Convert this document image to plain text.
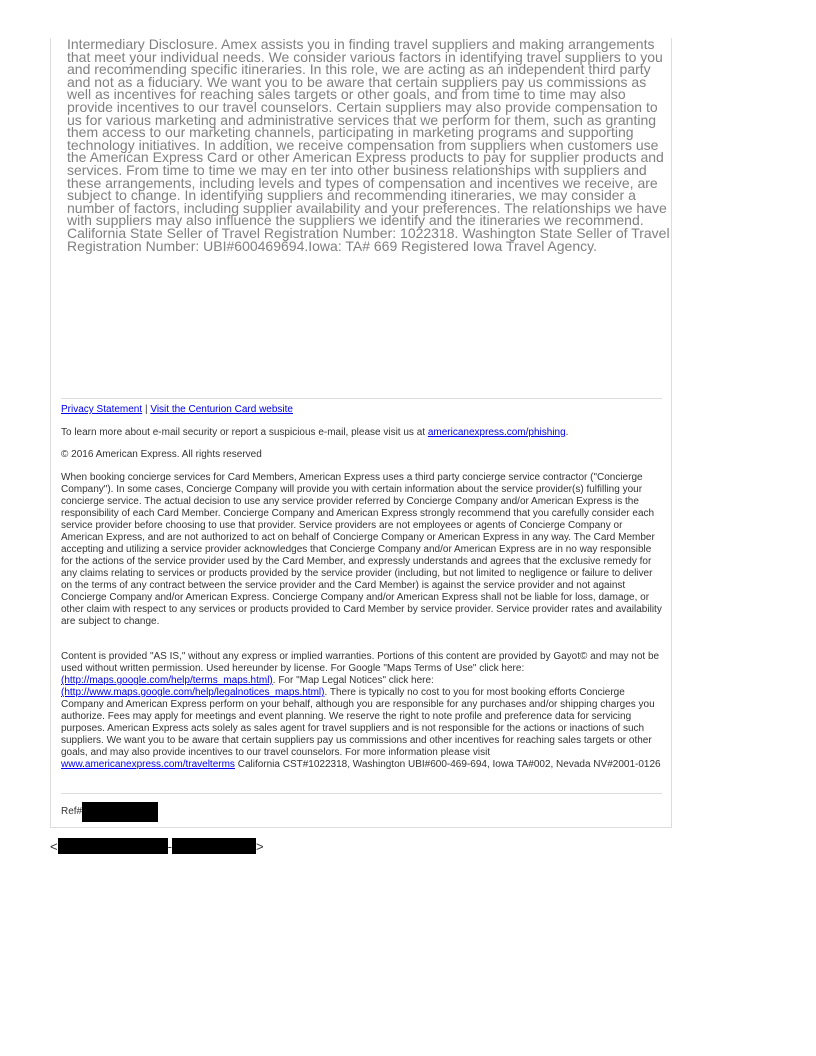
Intermediary Disclosure. Amex assists you in finding travel suppliers and making arrangements that meet your individual needs. We consider various factors in identifying travel suppliers to you and recommending specific itineraries. In this role, we are acting as an independent third party and not as a fiduciary. We want you to be aware that certain suppliers pay us commissions as well as incentives for reaching sales targets or other goals, and from time to time may also provide incentives to our travel counselors. Certain suppliers may also provide compensation to us for various marketing and administrative services that we perform for them, such as granting them access to our marketing channels, participating in marketing programs and supporting technology initiatives. In addition, we receive compensation from suppliers when customers use the American Express Card or other American Express products to pay for supplier products and services. From time to time we may en ter into other business relationships with suppliers and these arrangements, including levels and types of compensation and incentives we receive, are subject to change. In identifying suppliers and recommending itineraries, we may consider a number of factors, including supplier availability and your preferences. The relationships we have with suppliers may also influence the suppliers we identify and the itineraries we recommend. California State Seller of Travel Registration Number: 1022318. Washington State Seller of Travel Registration Number: UBI#600469694.Iowa: TA# 669 Registered Iowa Travel Agency.

Privacy Statement | Visit the Centurion Card website

To learn more about e-mail security or report a suspicious e-mail, please visit us at americanexpress.com/phishing.

© 2016 American Express. All rights reserved

When booking concierge services for Card Members, American Express uses a third party concierge service contractor ("Concierge Company"). In some cases, Concierge Company will provide you with certain information about the service provider(s) fulfilling your concierge service. The actual decision to use any service provider referred by Concierge Company and/or American Express is the responsibility of each Card Member. Concierge Company and American Express strongly recommend that you carefully consider each service provider before choosing to use that provider. Service providers are not employees or agents of Concierge Company or American Express, and are not authorized to act on behalf of Concierge Company or American Express in any way. The Card Member accepting and utilizing a service provider acknowledges that Concierge Company and/or American Express are in no way responsible for the actions of the service provider used by the Card Member, and expressly understands and agrees that the exclusive remedy for any claims relating to services or products provided by the service provider (including, but not limited to negligence or failure to deliver on the terms of any contract between the service provider and the Card Member) is against the service provider and not against Concierge Company and/or American Express. Concierge Company and/or American Express shall not be liable for loss, damage, or other claim with respect to any services or products provided to Card Member by service provider. Service provider rates and availability are subject to change.

Content is provided "AS IS," without any express or implied warranties. Portions of this content are provided by Gayot© and may not be used without written permission. Used hereunder by license. For Google "Maps Terms of Use" click here: (http://maps.google.com/help/terms_maps.html). For "Map Legal Notices" click here: (http://www.maps.google.com/help/legalnotices_maps.html). There is typically no cost to you for most booking efforts Concierge Company and American Express perform on your behalf, although you are responsible for any purchases and/or shipping charges you authorize. Fees may apply for meetings and event planning. We reserve the right to note profile and preference data for servicing purposes. American Express acts solely as sales agent for travel suppliers and is not responsible for the actions or inactions of such suppliers. We want you to be aware that certain suppliers pay us commissions and other incentives for reaching sales targets or other goals, and may also provide incentives to our travel counselors. For more information please visit www.americanexpress.com/travelterms California CST#1022318, Washington UBI#600-469-694, Iowa TA#002, Nevada NV#2001-0126

Ref#
<	-	>
